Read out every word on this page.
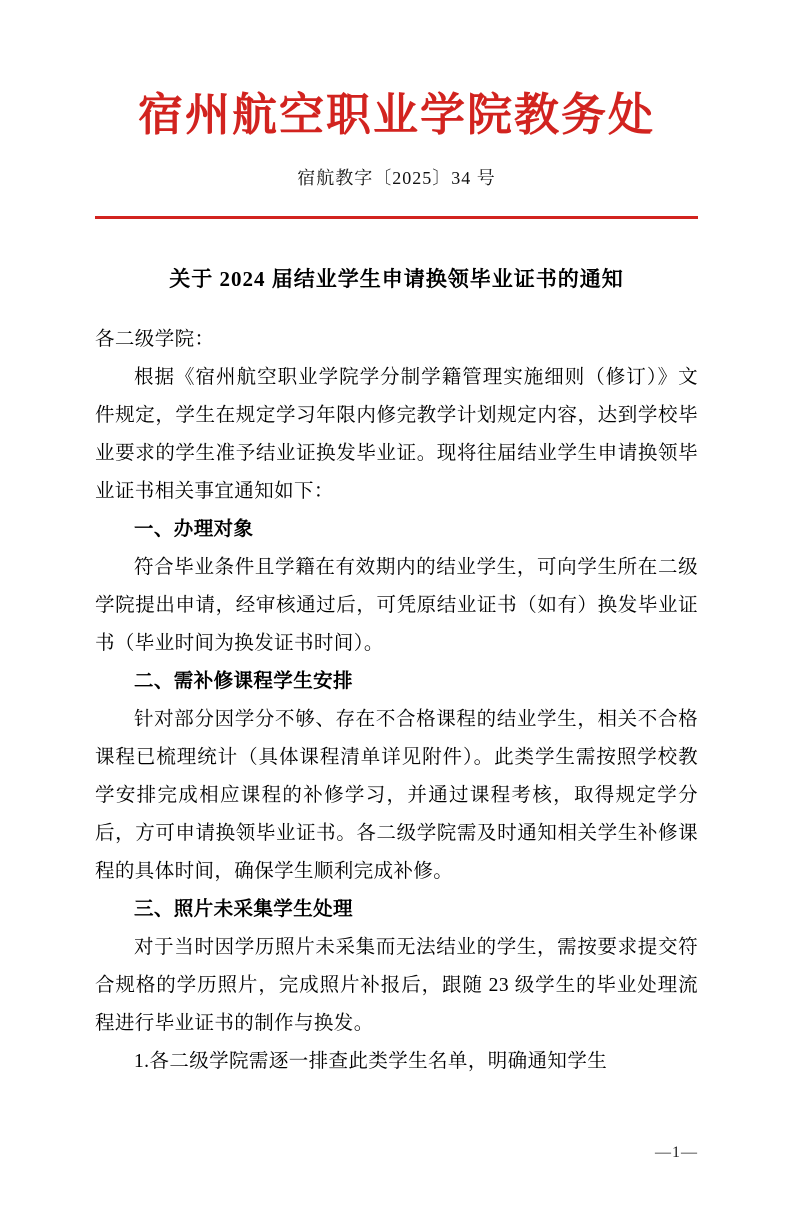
宿州航空职业学院教务处
宿航教字〔2025〕34 号
关于 2024 届结业学生申请换领毕业证书的通知

各二级学院：

根据《宿州航空职业学院学分制学籍管理实施细则（修订）》文件规定，学生在规定学习年限内修完教学计划规定内容，达到学校毕业要求的学生准予结业证换发毕业证。现将往届结业学生申请换领毕业证书相关事宜通知如下：

一、办理对象

符合毕业条件且学籍在有效期内的结业学生，可向学生所在二级学院提出申请，经审核通过后，可凭原结业证书（如有）换发毕业证书（毕业时间为换发证书时间）。

二、需补修课程学生安排

针对部分因学分不够、存在不合格课程的结业学生，相关不合格课程已梳理统计（具体课程清单详见附件）。此类学生需按照学校教学安排完成相应课程的补修学习，并通过课程考核，取得规定学分后，方可申请换领毕业证书。各二级学院需及时通知相关学生补修课程的具体时间，确保学生顺利完成补修。

三、照片未采集学生处理

对于当时因学历照片未采集而无法结业的学生，需按要求提交符合规格的学历照片，完成照片补报后，跟随 23 级学生的毕业处理流程进行毕业证书的制作与换发。

1.各二级学院需逐一排查此类学生名单，明确通知学生

—1—
